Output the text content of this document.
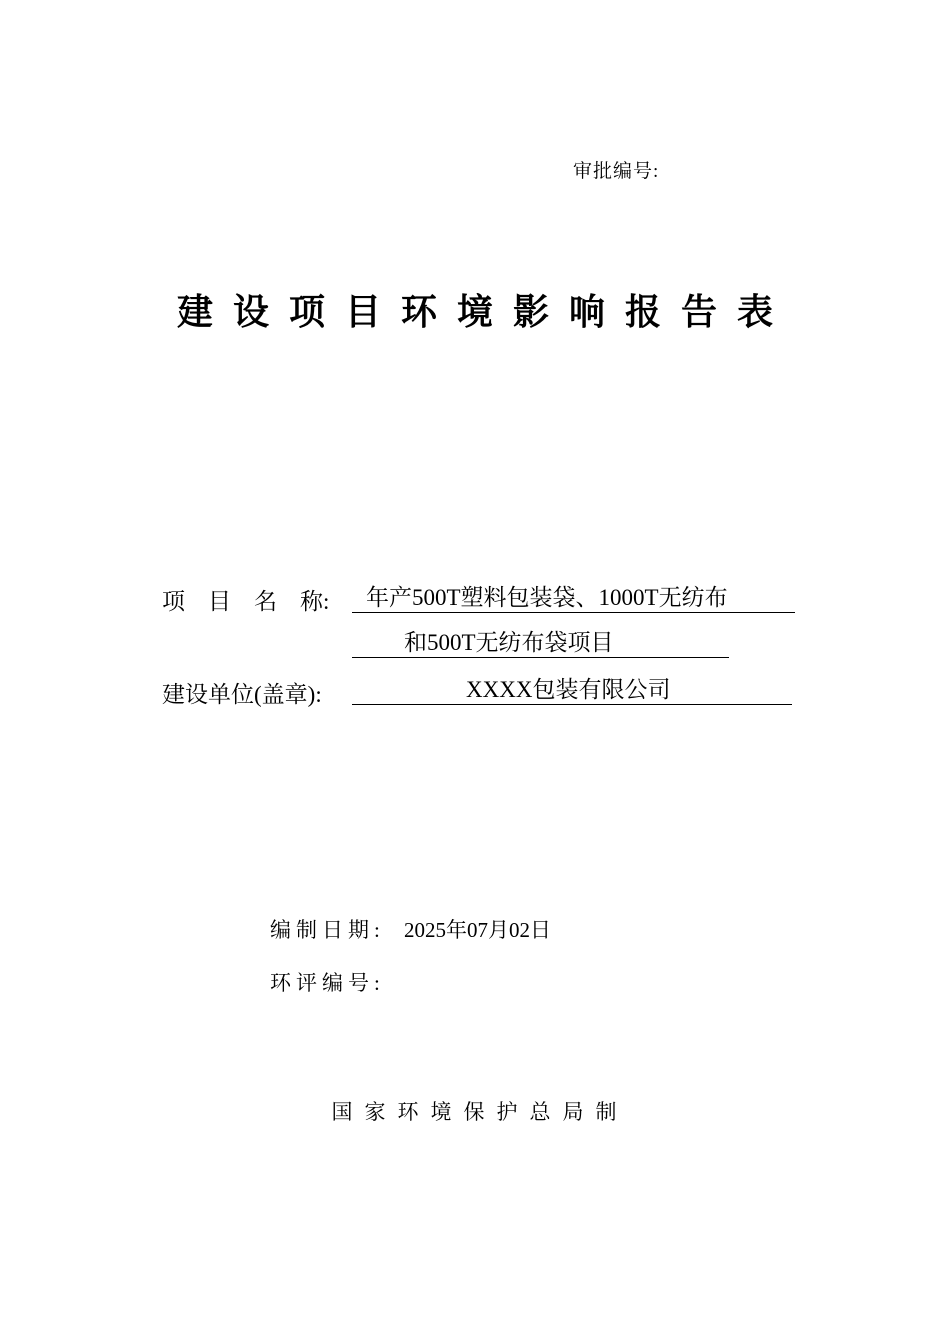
审批编号:
建设项目环境影响报告表
项　目　名　称:	年产500T塑料包装袋、1000T无纺布
和500T无纺布袋项目
建设单位(盖章):	XXXX包装有限公司
编制日期: 2025年07月02日
环评编号:
国家环境保护总局制
